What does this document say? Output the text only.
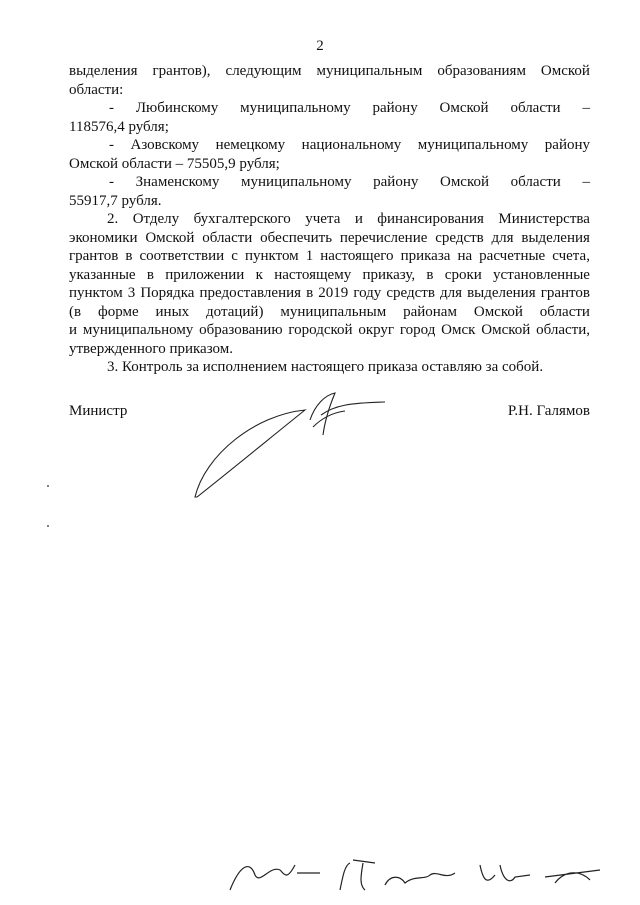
2
выделения грантов), следующим муниципальным образованиям Омской
области:
- Любинскому муниципальному району Омской области –
118576,4 рубля;
- Азовскому немецкому национальному муниципальному району
Омской области – 75505,9 рубля;
- Знаменскому муниципальному району Омской области –
55917,7 рубля.
2. Отделу бухгалтерского учета и финансирования Министерства
экономики Омской области обеспечить перечисление средств для выделения
грантов в соответствии с пунктом 1 настоящего приказа на расчетные счета,
указанные в приложении к настоящему приказу, в сроки установленные
пунктом 3 Порядка предоставления в 2019 году средств для выделения грантов
(в форме иных дотаций) муниципальным районам Омской области
и муниципальному образованию городской округ город Омск Омской области,
утвержденного приказом.
3. Контроль за исполнением настоящего приказа оставляю за собой.
Министр	Р.Н. Галямов
